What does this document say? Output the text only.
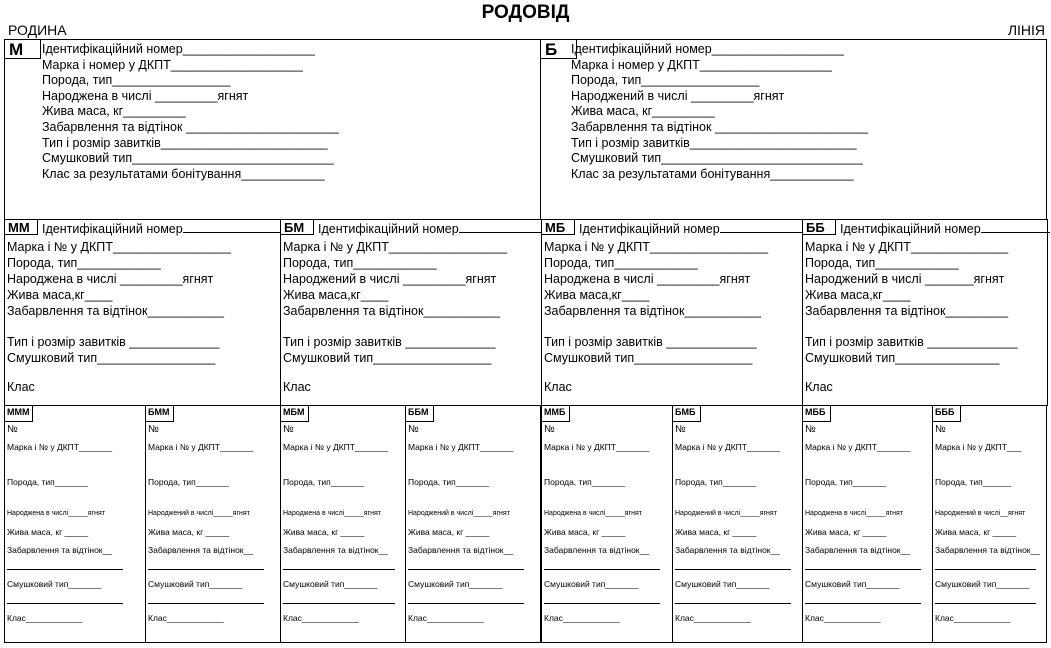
РОДОВІД
РОДИНА	ЛІНІЯ
М	Ідентифікаційний номер___________________
Марка і номер у ДКПТ___________________
Порода, тип_________________
Народжена в числі _________ягнят
Жива маса, кг_________
Забарвлення та відтінок ______________________
Тип і розмір завитків________________________
Смушковий тип_____________________________
Клас за результатами бонітування____________
Б	Ідентифікаційний номер___________________
Марка і номер у ДКПТ___________________
Порода, тип_________________
Народжений в числі _________ягнят
Жива маса, кг_________
Забарвлення та відтінок ______________________
Тип і розмір завитків________________________
Смушковий тип_____________________________
Клас за результатами бонітування____________
ММ Ідентифікаційний номер
Марка і № у ДКПТ_________________
Порода, тип____________
Народжена в числі _________ягнят
Жива маса,кг____
Забарвлення та відтінок___________
Тип і розмір завитків _____________
Смушковий тип_________________
Клас
БМ	Ідентифікаційний номер
Марка і № у ДКПТ_________________
Порода, тип____________
Народжений в числі _________ягнят
Жива маса,кг____
Забарвлення та відтінок___________
Тип і розмір завитків _____________
Смушковий тип_________________
Клас
МБ	Ідентифікаційний номер
Марка і № у ДКПТ_________________
Порода, тип____________
Народжена в числі _________ягнят
Жива маса,кг____
Забарвлення та відтінок___________
Тип і розмір завитків _____________
Смушковий тип_________________
Клас
ББ	Ідентифікаційний номер
Марка і № у ДКПТ______________
Порода, тип____________
Народжений в числі _______ягнят
Жива маса,кг____
Забарвлення та відтінок_________
Тип і розмір завитків _____________
Смушковий тип_______________
Клас
МММ
№
Марка і № у ДКПТ_______
Порода, тип_______
Народжена в числі_____ягнят
Жива маса, кг _____
Забарвлення та відтінок__
Смушковий тип_______
Клас____________
БММ
№
Марка і № у ДКПТ_______
Порода, тип_______
Народжений в числі_____ягнят
Жива маса, кг _____
Забарвлення та відтінок__
Смушковий тип_______
Клас____________
МБМ
№
Марка і № у ДКПТ_______
Порода, тип_______
Народжена в числі_____ягнят
Жива маса, кг _____
Забарвлення та відтінок__
Смушковий тип_______
Клас____________
ББМ
№
Марка і № у ДКПТ_______
Порода, тип_______
Народжений в числі_____ягнят
Жива маса, кг _____
Забарвлення та відтінок__
Смушковий тип_______
Клас____________
ММБ
№
Марка і № у ДКПТ_______
Порода, тип_______
Народжена в числі_____ягнят
Жива маса, кг _____
Забарвлення та відтінок__
Смушковий тип_______
Клас____________
БМБ
№
Марка і № у ДКПТ_______
Порода, тип_______
Народжений в числі_____ягнят
Жива маса, кг _____
Забарвлення та відтінок__
Смушковий тип_______
Клас____________
МББ
№
Марка і № у ДКПТ_______
Порода, тип_______
Народжена в числі_____ягнят
Жива маса, кг _____
Забарвлення та відтінок__
Смушковий тип_______
Клас____________
БББ
№
Марка і № у ДКПТ___
Порода, тип______
Народжений в числі__ягнят
Жива маса, кг _____
Забарвлення та відтінок__
Смушковий тип_______
Клас____________
